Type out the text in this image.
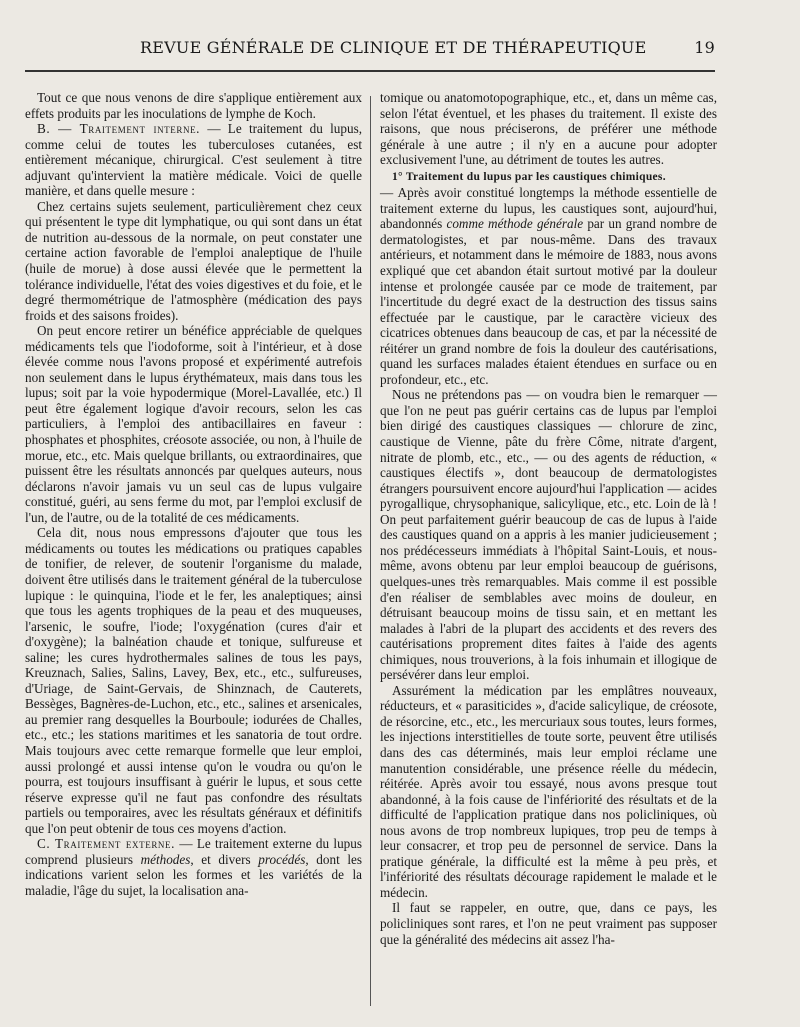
REVUE GÉNÉRALE DE CLINIQUE ET DE THÉRAPEUTIQUE	19

Tout ce que nous venons de dire s'applique entièrement aux effets produits par les inoculations de lymphe de Koch.

B. — Traitement interne. — Le traitement du lupus, comme celui de toutes les tuberculoses cutanées, est entièrement mécanique, chirurgical. C'est seulement à titre adjuvant qu'intervient la matière médicale. Voici de quelle manière, et dans quelle mesure :

Chez certains sujets seulement, particulièrement chez ceux qui présentent le type dit lymphatique, ou qui sont dans un état de nutrition au-dessous de la normale, on peut constater une certaine action favorable de l'emploi analeptique de l'huile (huile de morue) à dose aussi élevée que le permettent la tolérance individuelle, l'état des voies digestives et du foie, et le degré thermométrique de l'atmosphère (médication des pays froids et des saisons froides).

On peut encore retirer un bénéfice appréciable de quelques médicaments tels que l'iodoforme, soit à l'intérieur, et à dose élevée comme nous l'avons proposé et expérimenté autrefois non seulement dans le lupus érythémateux, mais dans tous les lupus; soit par la voie hypodermique (Morel-Lavallée, etc.) Il peut être également logique d'avoir recours, selon les cas particuliers, à l'emploi des antibacillaires en faveur : phosphates et phosphites, créosote associée, ou non, à l'huile de morue, etc., etc. Mais quelque brillants, ou extraordinaires, que puissent être les résultats annoncés par quelques auteurs, nous déclarons n'avoir jamais vu un seul cas de lupus vulgaire constitué, guéri, au sens ferme du mot, par l'emploi exclusif de l'un, de l'autre, ou de la totalité de ces médicaments.

Cela dit, nous nous empressons d'ajouter que tous les médicaments ou toutes les médications ou pratiques capables de tonifier, de relever, de soutenir l'organisme du malade, doivent être utilisés dans le traitement général de la tuberculose lupique : le quinquina, l'iode et le fer, les analeptiques; ainsi que tous les agents trophiques de la peau et des muqueuses, l'arsenic, le soufre, l'iode; l'oxygénation (cures d'air et d'oxygène); la balnéation chaude et tonique, sulfureuse et saline; les cures hydrothermales salines de tous les pays, Kreuznach, Salies, Salins, Lavey, Bex, etc., etc., sulfureuses, d'Uriage, de Saint-Gervais, de Shinznach, de Cauterets, Bessèges, Bagnères-de-Luchon, etc., etc., salines et arsenicales, au premier rang desquelles la Bourboule; iodurées de Challes, etc., etc.; les stations maritimes et les sanatoria de tout ordre. Mais toujours avec cette remarque formelle que leur emploi, aussi prolongé et aussi intense qu'on le voudra ou qu'on le pourra, est toujours insuffisant à guérir le lupus, et sous cette réserve expresse qu'il ne faut pas confondre des résultats partiels ou temporaires, avec les résultats généraux et définitifs que l'on peut obtenir de tous ces moyens d'action.

C. Traitement externe. — Le traitement externe du lupus comprend plusieurs méthodes, et divers procédés, dont les indications varient selon les formes et les variétés de la maladie, l'âge du sujet, la localisation ana-

tomique ou anatomotopographique, etc., et, dans un même cas, selon l'état éventuel, et les phases du traitement. Il existe des raisons, que nous préciserons, de préférer une méthode générale à une autre ; il n'y en a aucune pour adopter exclusivement l'une, au détriment de toutes les autres.

1° Traitement du lupus par les caustiques chimiques.

— Après avoir constitué longtemps la méthode essentielle de traitement externe du lupus, les caustiques sont, aujourd'hui, abandonnés comme méthode générale par un grand nombre de dermatologistes, et par nous-même. Dans des travaux antérieurs, et notamment dans le mémoire de 1883, nous avons expliqué que cet abandon était surtout motivé par la douleur intense et prolongée causée par ce mode de traitement, par l'incertitude du degré exact de la destruction des tissus sains effectuée par le caustique, par le caractère vicieux des cicatrices obtenues dans beaucoup de cas, et par la nécessité de réitérer un grand nombre de fois la douleur des cautérisations, quand les surfaces malades étaient étendues en surface ou en profondeur, etc., etc.

Nous ne prétendons pas — on voudra bien le remarquer — que l'on ne peut pas guérir certains cas de lupus par l'emploi bien dirigé des caustiques classiques — chlorure de zinc, caustique de Vienne, pâte du frère Côme, nitrate d'argent, nitrate de plomb, etc., etc., — ou des agents de réduction, « caustiques électifs », dont beaucoup de dermatologistes étrangers poursuivent encore aujourd'hui l'application — acides pyrogallique, chrysophanique, salicylique, etc., etc. Loin de là ! On peut parfaitement guérir beaucoup de cas de lupus à l'aide des caustiques quand on a appris à les manier judicieusement ; nos prédécesseurs immédiats à l'hôpital Saint-Louis, et nous-même, avons obtenu par leur emploi beaucoup de guérisons, quelques-unes très remarquables. Mais comme il est possible d'en réaliser de semblables avec moins de douleur, en détruisant beaucoup moins de tissu sain, et en mettant les malades à l'abri de la plupart des accidents et des revers des cautérisations proprement dites faites à l'aide des agents chimiques, nous trouverions, à la fois inhumain et illogique de persévérer dans leur emploi.

Assurément la médication par les emplâtres nouveaux, réducteurs, et « parasiticides », d'acide salicylique, de créosote, de résorcine, etc., etc., les mercuriaux sous toutes, leurs formes, les injections interstitielles de toute sorte, peuvent être utilisés dans des cas déterminés, mais leur emploi réclame une manutention considérable, une présence réelle du médecin, réitérée. Après avoir tou essayé, nous avons presque tout abandonné, à la fois cause de l'infériorité des résultats et de la difficulté de l'application pratique dans nos policliniques, où nous avons de trop nombreux lupiques, trop peu de temps à leur consacrer, et trop peu de personnel de service. Dans la pratique générale, la difficulté est la même à peu près, et l'infériorité des résultats décourage rapidement le malade et le médecin.

Il faut se rappeler, en outre, que, dans ce pays, les policliniques sont rares, et l'on ne peut vraiment pas supposer que la généralité des médecins ait assez l'ha-
